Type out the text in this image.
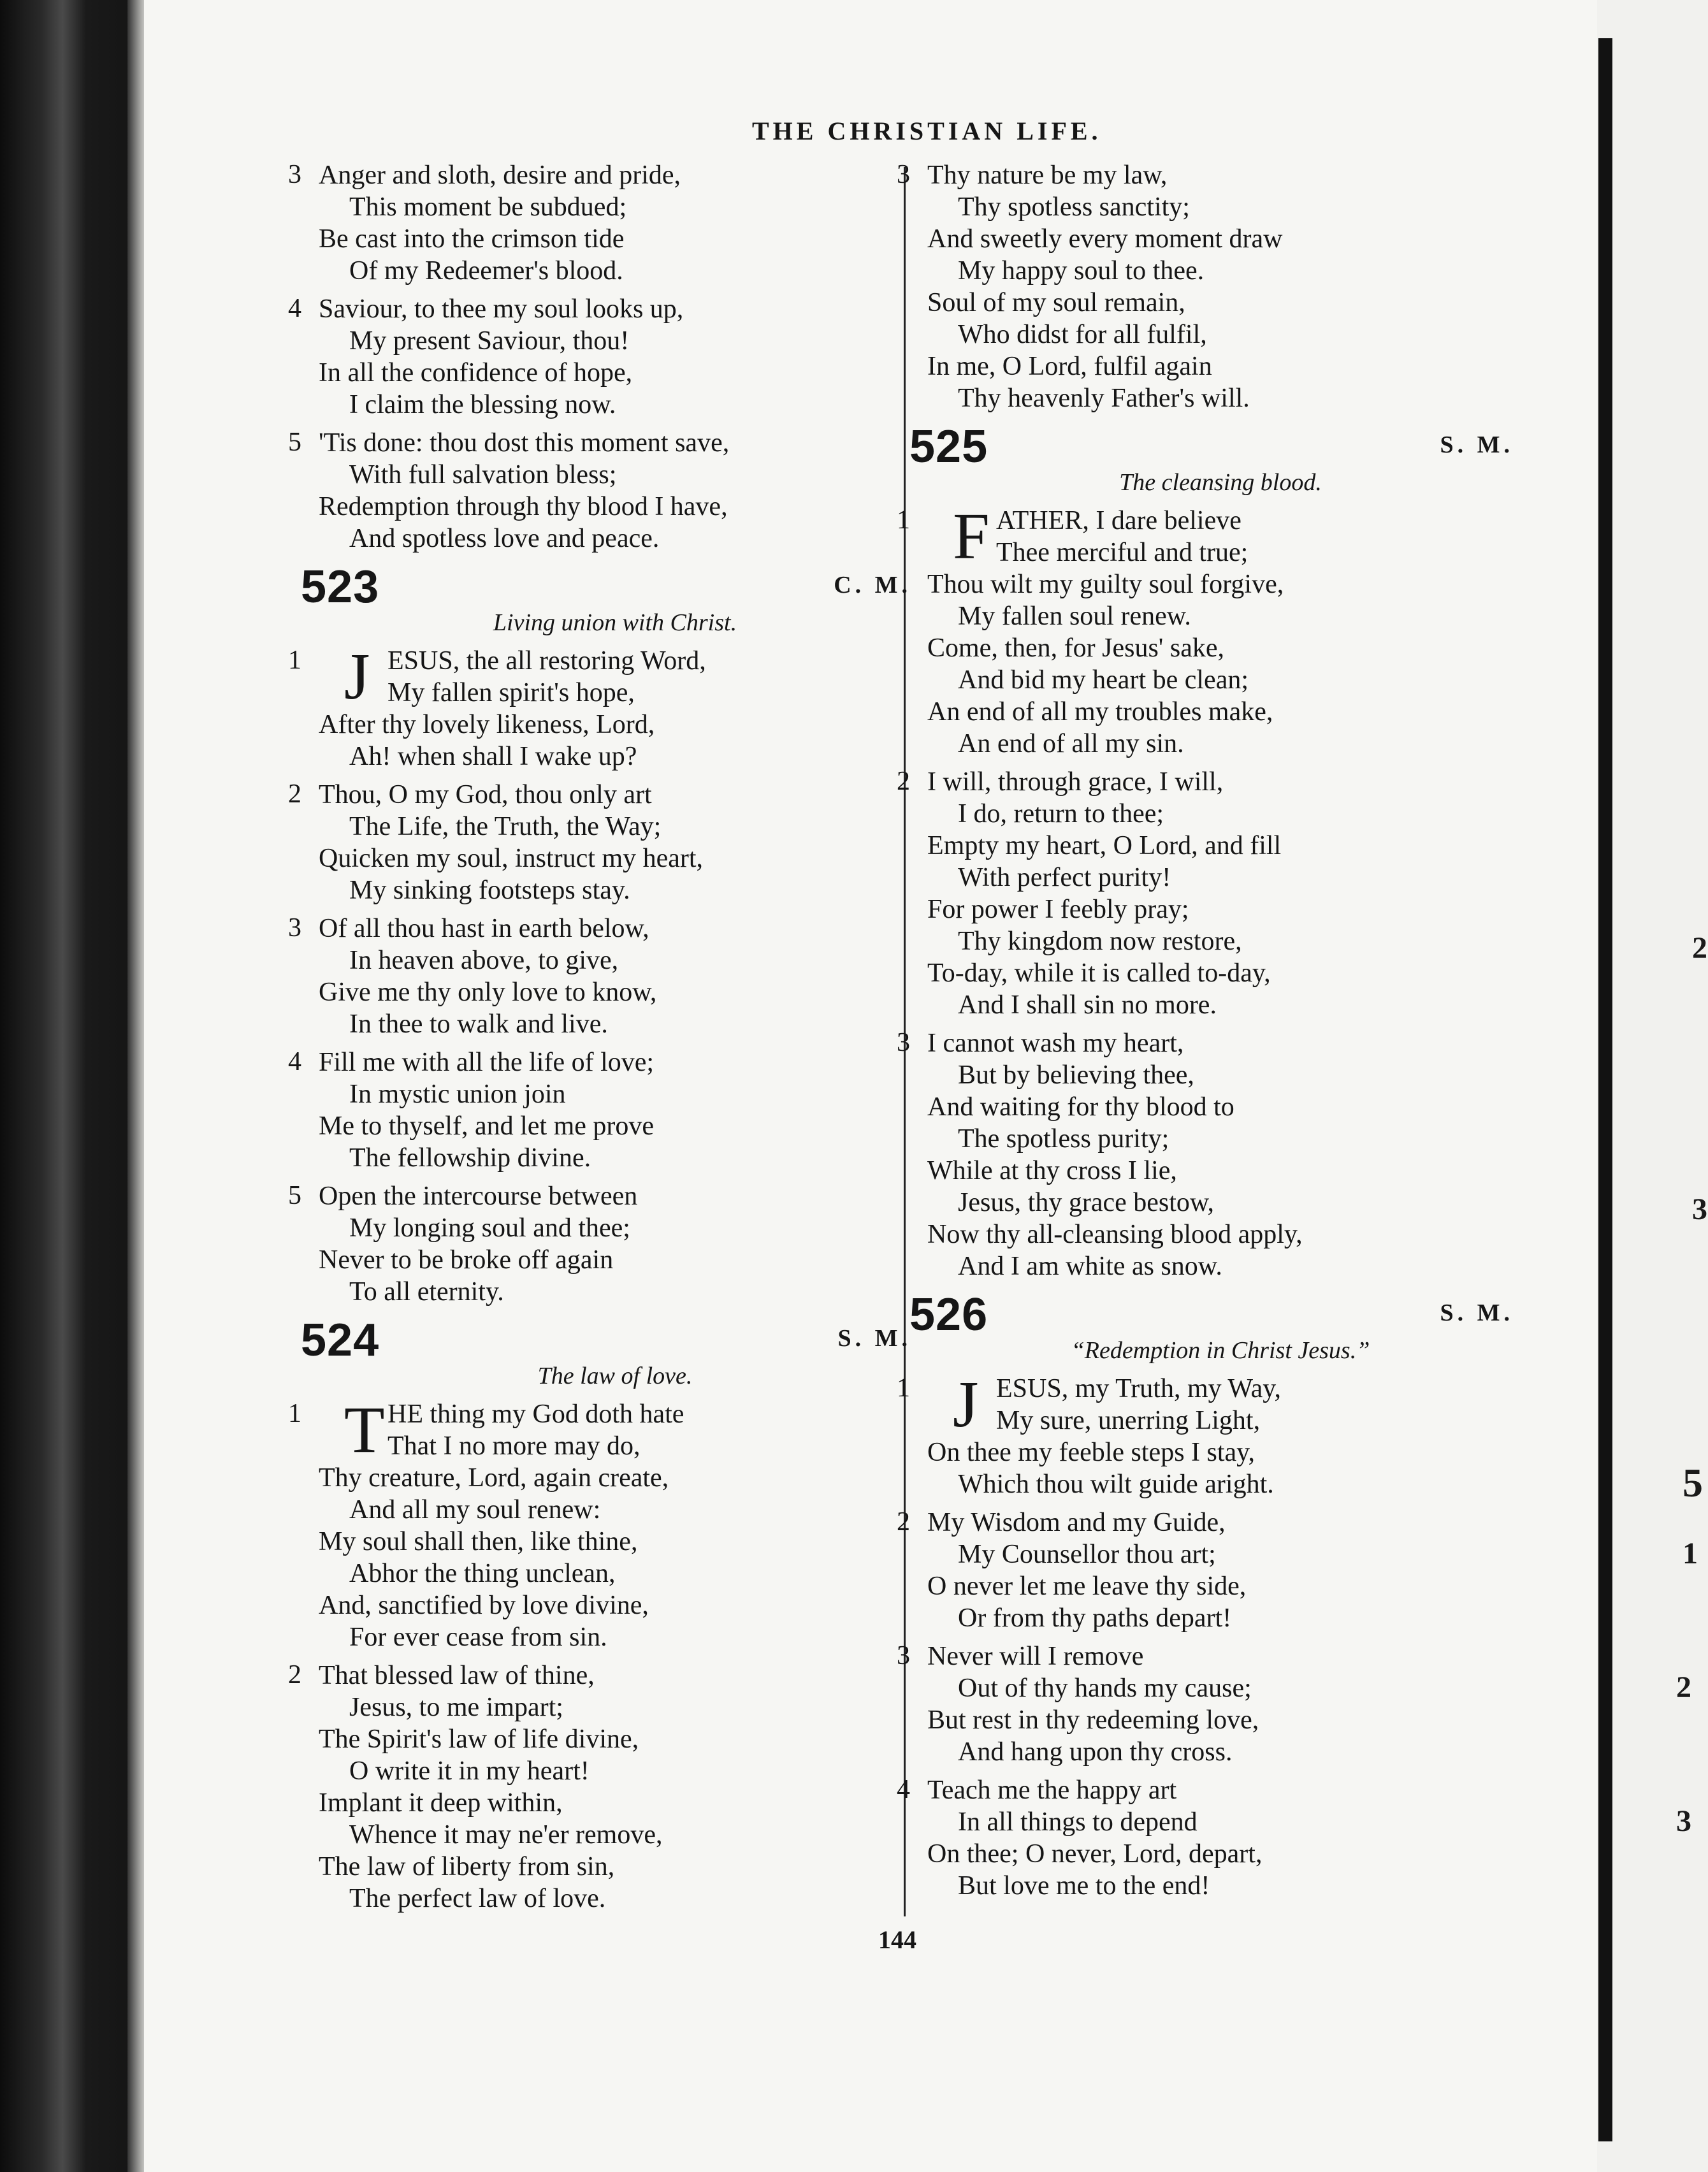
2
3
5
1
2
3
THE CHRISTIAN LIFE.
3 Anger and sloth, desire and pride,
This moment be subdued;
Be cast into the crimson tide
Of my Redeemer's blood.
4 Saviour, to thee my soul looks up,
My present Saviour, thou!
In all the confidence of hope,
I claim the blessing now.
5 'Tis done: thou dost this moment save,
With full salvation bless;
Redemption through thy blood I have,
And spotless love and peace.
523	C. M.
Living union with Christ.
1	ESUS, the all restoring Word,
My fallen spirit's hope,
After thy lovely likeness, Lord,
Ah! when shall I wake up?
J
2 Thou, O my God, thou only art
The Life, the Truth, the Way;
Quicken my soul, instruct my heart,
My sinking footsteps stay.
3 Of all thou hast in earth below,
In heaven above, to give,
Give me thy only love to know,
In thee to walk and live.
4 Fill me with all the life of love;
In mystic union join
Me to thyself, and let me prove
The fellowship divine.
5 Open the intercourse between
My longing soul and thee;
Never to be broke off again
To all eternity.
524	S. M.
The law of love.
1	HE thing my God doth hate
That I no more may do,
Thy creature, Lord, again create,
And all my soul renew:
My soul shall then, like thine,
Abhor the thing unclean,
And, sanctified by love divine,
For ever cease from sin.
T
2 That blessed law of thine,
Jesus, to me impart;
The Spirit's law of life divine,
O write it in my heart!
Implant it deep within,
Whence it may ne'er remove,
The law of liberty from sin,
The perfect law of love.
3 Thy nature be my law,
Thy spotless sanctity;
And sweetly every moment draw
My happy soul to thee.
Soul of my soul remain,
Who didst for all fulfil,
In me, O Lord, fulfil again
Thy heavenly Father's will.
525	S. M.
The cleansing blood.
1	ATHER, I dare believe
Thee merciful and true;
Thou wilt my guilty soul forgive,
My fallen soul renew.
Come, then, for Jesus' sake,
And bid my heart be clean;
An end of all my troubles make,
An end of all my sin.
F
2 I will, through grace, I will,
I do, return to thee;
Empty my heart, O Lord, and fill
With perfect purity!
For power I feebly pray;
Thy kingdom now restore,
To-day, while it is called to-day,
And I shall sin no more.
3 I cannot wash my heart,
But by believing thee,
And waiting for thy blood to
The spotless purity;
While at thy cross I lie,
Jesus, thy grace bestow,
Now thy all-cleansing blood apply,
And I am white as snow.
526	S. M.
“Redemption in Christ Jesus.”
1	ESUS, my Truth, my Way,
My sure, unerring Light,
On thee my feeble steps I stay,
Which thou wilt guide aright.
J
2 My Wisdom and my Guide,
My Counsellor thou art;
O never let me leave thy side,
Or from thy paths depart!
3 Never will I remove
Out of thy hands my cause;
But rest in thy redeeming love,
And hang upon thy cross.
4 Teach me the happy art
In all things to depend
On thee; O never, Lord, depart,
But love me to the end!
144
